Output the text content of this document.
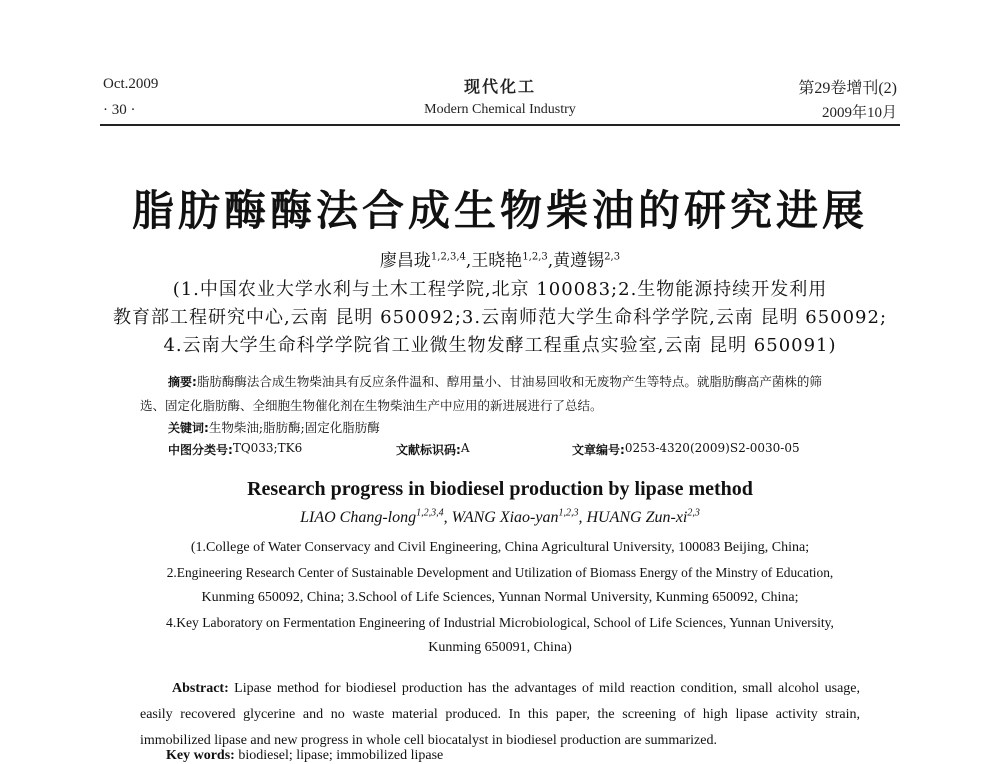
Oct.2009
· 30 ·
现代化工
Modern Chemical Industry
第29卷增刊(2)
2009年10月
脂肪酶酶法合成生物柴油的研究进展
廖昌珑$^{1,2,3,4}$,王晓艳$^{1,2,3}$,黄遵锡$^{2,3}$
(1.中国农业大学水利与土木工程学院,北京 100083;2.生物能源持续开发利用
教育部工程研究中心,云南 昆明 650092;3.云南师范大学生命科学学院,云南 昆明 650092;
4.云南大学生命科学学院省工业微生物发酵工程重点实验室,云南 昆明 650091)
摘要:脂肪酶酶法合成生物柴油具有反应条件温和、醇用量小、甘油易回收和无废物产生等特点。就脂肪酶高产菌株的筛
选、固定化脂肪酶、全细胞生物催化剂在生物柴油生产中应用的新进展进行了总结。
关键词:生物柴油;脂肪酶;固定化脂肪酶
中图分类号: TQ033;TK6	文献标识码: A	文章编号: 0253-4320(2009)S2-0030-05
Research progress in biodiesel production by lipase method
LIAO Chang-long$^{1,2,3,4}$, WANG Xiao-yan$^{1,2,3}$, HUANG Zun-xi$^{2,3}$
(1.College of Water Conservacy and Civil Engineering, China Agricultural University, 100083 Beijing, China;
2.Engineering Research Center of Sustainable Development and Utilization of Biomass Energy of the Minstry of Education,
Kunming 650092, China; 3.School of Life Sciences, Yunnan Normal University, Kunming 650092, China;
4.Key Laboratory on Fermentation Engineering of Industrial Microbiological, School of Life Sciences, Yunnan University,
Kunming 650091, China)

Abstract: Lipase method for biodiesel production has the advantages of mild reaction condition, small alcohol usage, easily recovered glycerine and no waste material produced. In this paper, the screening of high lipase activity strain, immobilized lipase and new progress in whole cell biocatalyst in biodiesel production are summarized.

Key words: biodiesel; lipase; immobilized lipase
